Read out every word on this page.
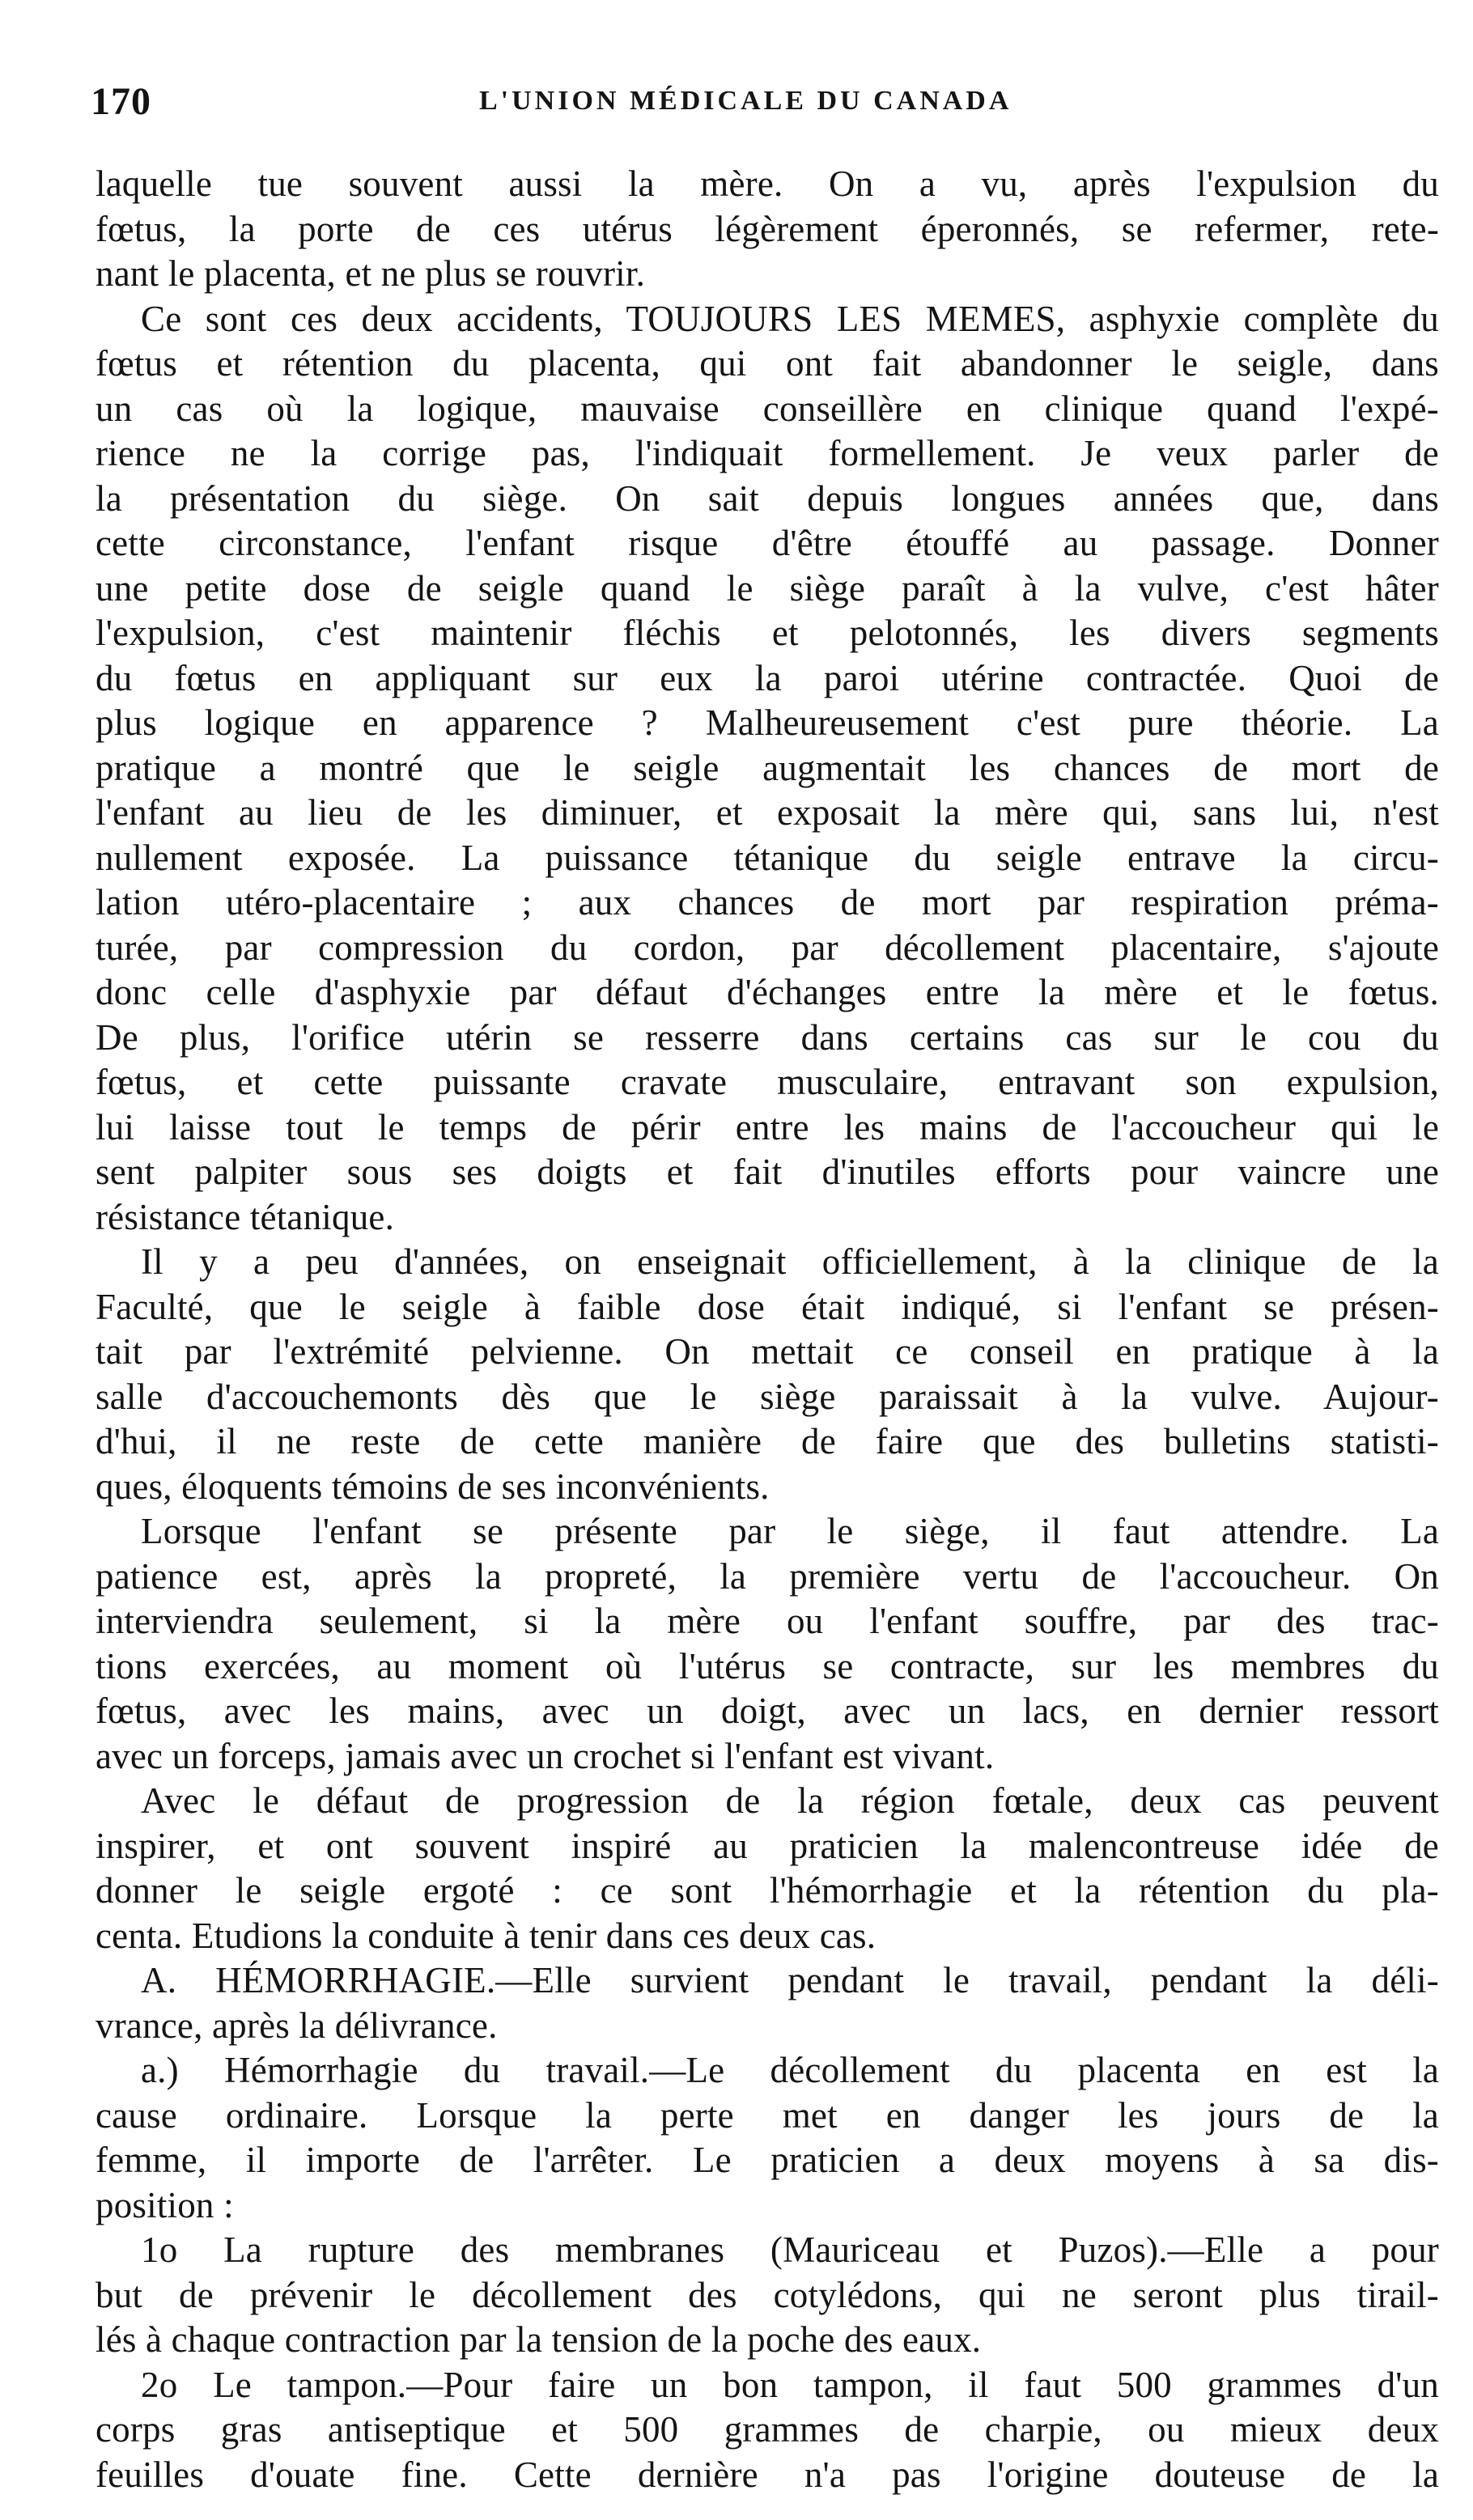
170	L'UNION MÉDICALE DU CANADA
laquelle tue souvent aussi la mère. On a vu, après l'expulsion du
fœtus, la porte de ces utérus légèrement éperonnés, se refermer, rete-
nant le placenta, et ne plus se rouvrir.
Ce sont ces deux accidents, TOUJOURS LES MEMES, asphyxie complète du
fœtus et rétention du placenta, qui ont fait abandonner le seigle, dans
un cas où la logique, mauvaise conseillère en clinique quand l'expé-
rience ne la corrige pas, l'indiquait formellement. Je veux parler de
la présentation du siège. On sait depuis longues années que, dans
cette circonstance, l'enfant risque d'être étouffé au passage. Donner
une petite dose de seigle quand le siège paraît à la vulve, c'est hâter
l'expulsion, c'est maintenir fléchis et pelotonnés, les divers segments
du fœtus en appliquant sur eux la paroi utérine contractée. Quoi de
plus logique en apparence ? Malheureusement c'est pure théorie. La
pratique a montré que le seigle augmentait les chances de mort de
l'enfant au lieu de les diminuer, et exposait la mère qui, sans lui, n'est
nullement exposée. La puissance tétanique du seigle entrave la circu-
lation utéro-placentaire ; aux chances de mort par respiration préma-
turée, par compression du cordon, par décollement placentaire, s'ajoute
donc celle d'asphyxie par défaut d'échanges entre la mère et le fœtus.
De plus, l'orifice utérin se resserre dans certains cas sur le cou du
fœtus, et cette puissante cravate musculaire, entravant son expulsion,
lui laisse tout le temps de périr entre les mains de l'accoucheur qui le
sent palpiter sous ses doigts et fait d'inutiles efforts pour vaincre une
résistance tétanique.
Il y a peu d'années, on enseignait officiellement, à la clinique de la
Faculté, que le seigle à faible dose était indiqué, si l'enfant se présen-
tait par l'extrémité pelvienne. On mettait ce conseil en pratique à la
salle d'accouchemonts dès que le siège paraissait à la vulve. Aujour-
d'hui, il ne reste de cette manière de faire que des bulletins statisti-
ques, éloquents témoins de ses inconvénients.
Lorsque l'enfant se présente par le siège, il faut attendre. La
patience est, après la propreté, la première vertu de l'accoucheur. On
interviendra seulement, si la mère ou l'enfant souffre, par des trac-
tions exercées, au moment où l'utérus se contracte, sur les membres du
fœtus, avec les mains, avec un doigt, avec un lacs, en dernier ressort
avec un forceps, jamais avec un crochet si l'enfant est vivant.
Avec le défaut de progression de la région fœtale, deux cas peuvent
inspirer, et ont souvent inspiré au praticien la malencontreuse idée de
donner le seigle ergoté : ce sont l'hémorrhagie et la rétention du pla-
centa. Etudions la conduite à tenir dans ces deux cas.
A. HÉMORRHAGIE.—Elle survient pendant le travail, pendant la déli-
vrance, après la délivrance.
a.) Hémorrhagie du travail.—Le décollement du placenta en est la
cause ordinaire. Lorsque la perte met en danger les jours de la
femme, il importe de l'arrêter. Le praticien a deux moyens à sa dis-
position :
1o La rupture des membranes (Mauriceau et Puzos).—Elle a pour
but de prévenir le décollement des cotylédons, qui ne seront plus tirail-
lés à chaque contraction par la tension de la poche des eaux.
2o Le tampon.—Pour faire un bon tampon, il faut 500 grammes d'un
corps gras antiseptique et 500 grammes de charpie, ou mieux deux
feuilles d'ouate fine. Cette dernière n'a pas l'origine douteuse de la
